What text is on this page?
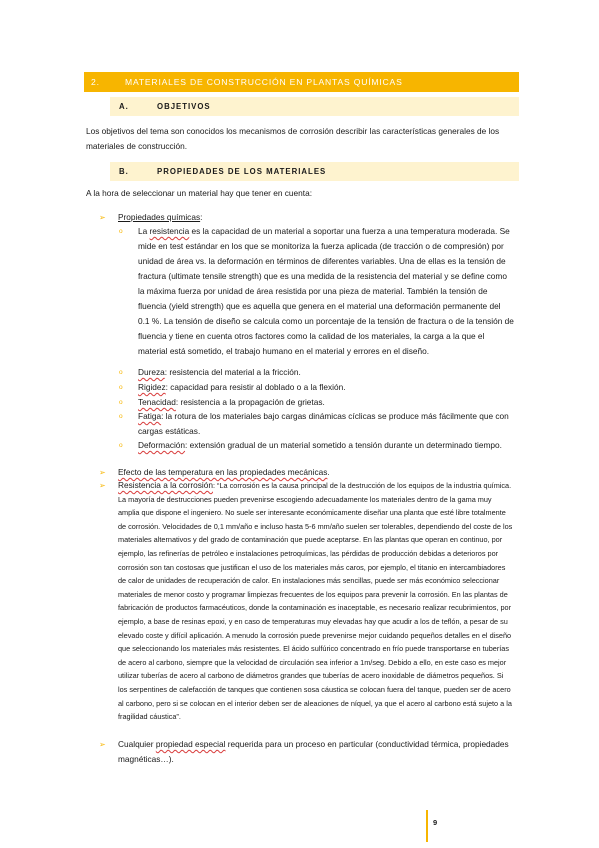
2.	MATERIALES DE CONSTRUCCIÓN EN PLANTAS QUÍMICAS
A.	OBJETIVOS

Los objetivos del tema son conocidos los mecanismos de corrosión describir las características generales de los materiales de construcción.

B.	PROPIEDADES DE LOS MATERIALES

A la hora de seleccionar un material hay que tener en cuenta:

➢ Propiedades químicas:
o La resistencia es la capacidad de un material a soportar una fuerza a una temperatura moderada. Se mide en test estándar en los que se monitoriza la fuerza aplicada (de tracción o de compresión) por unidad de área vs. la deformación en términos de diferentes variables. Una de ellas es la tensión de fractura (ultimate tensile strength) que es una medida de la resistencia del material y se define como la máxima fuerza por unidad de área resistida por una pieza de material. También la tensión de fluencia (yield strength) que es aquella que genera en el material una deformación permanente del 0.1 %. La tensión de diseño se calcula como un porcentaje de la tensión de fractura o de la tensión de fluencia y tiene en cuenta otros factores como la calidad de los materiales, la carga a la que el material está sometido, el trabajo humano en el material y errores en el diseño.
o Dureza: resistencia del material a la fricción.
o Rigidez: capacidad para resistir al doblado o a la flexión.
o Tenacidad: resistencia a la propagación de grietas.
o Fatiga: la rotura de los materiales bajo cargas dinámicas cíclicas se produce más fácilmente que con cargas estáticas.
o Deformación: extensión gradual de un material sometido a tensión durante un determinado tiempo.
➢ Efecto de las temperatura en las propiedades mecánicas.
➢ Resistencia a la corrosión: “La corrosión es la causa principal de la destrucción de los equipos de la industria química. La mayoría de destrucciones pueden prevenirse escogiendo adecuadamente los materiales dentro de la gama muy amplia que dispone el ingeniero. No suele ser interesante económicamente diseñar una planta que esté libre totalmente de corrosión. Velocidades de 0,1 mm/año e incluso hasta 5-6 mm/año suelen ser tolerables, dependiendo del coste de los materiales alternativos y del grado de contaminación que puede aceptarse. En las plantas que operan en continuo, por ejemplo, las refinerías de petróleo e instalaciones petroquímicas, las pérdidas de producción debidas a deterioros por corrosión son tan costosas que justifican el uso de los materiales más caros, por ejemplo, el titanio en intercambiadores de calor de unidades de recuperación de calor. En instalaciones más sencillas, puede ser más económico seleccionar materiales de menor costo y programar limpiezas frecuentes de los equipos para prevenir la corrosión. En las plantas de fabricación de productos farmacéuticos, donde la contaminación es inaceptable, es necesario realizar recubrimientos, por ejemplo, a base de resinas epoxi, y en caso de temperaturas muy elevadas hay que acudir a los de teflón, a pesar de su elevado coste y difícil aplicación. A menudo la corrosión puede prevenirse mejor cuidando pequeños detalles en el diseño que seleccionando los materiales más resistentes. El ácido sulfúrico concentrado en frío puede transportarse en tuberías de acero al carbono, siempre que la velocidad de circulación sea inferior a 1m/seg. Debido a ello, en este caso es mejor utilizar tuberías de acero al carbono de diámetros grandes que tuberías de acero inoxidable de diámetros pequeños. Si los serpentines de calefacción de tanques que contienen sosa cáustica se colocan fuera del tanque, pueden ser de acero al carbono, pero si se colocan en el interior deben ser de aleaciones de níquel, ya que el acero al carbono está sujeto a la fragilidad cáustica”.
➢ Cualquier propiedad especial requerida para un proceso en particular (conductividad térmica, propiedades magnéticas…).
9
